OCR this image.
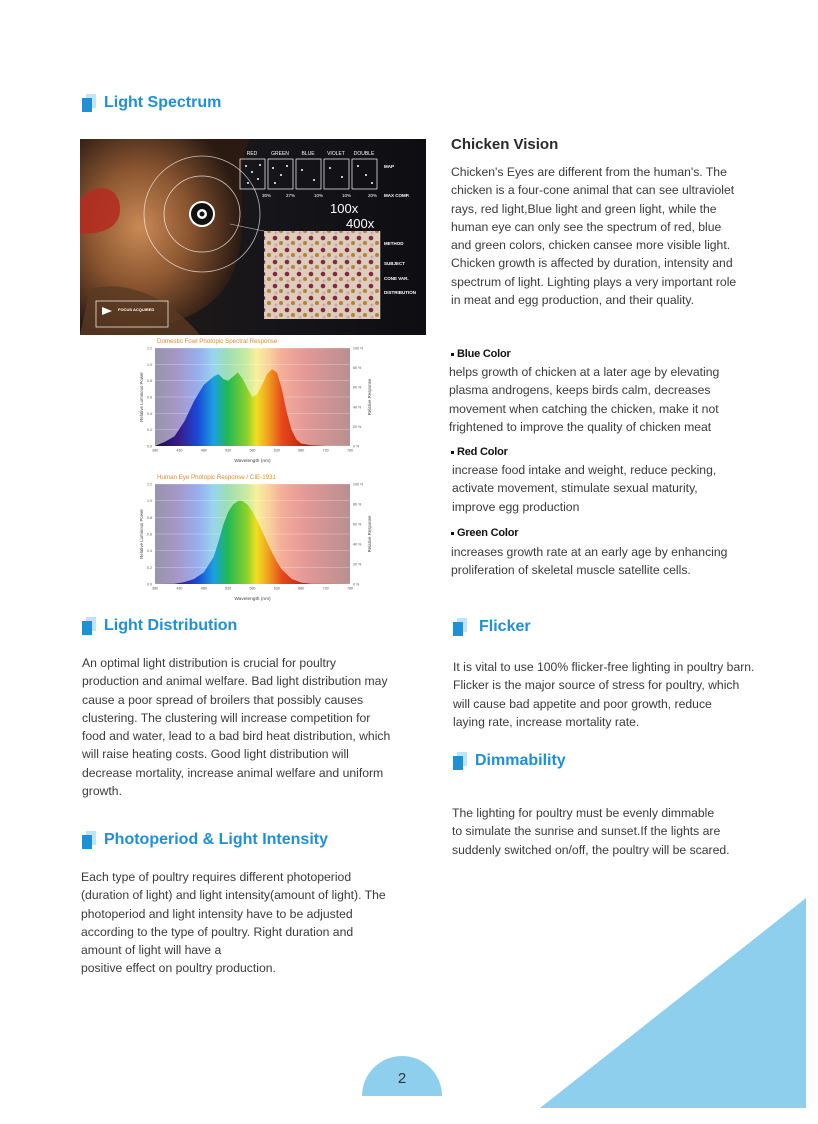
Light Spectrum
RED	GREEN	BLUE	VIOLET DOUBLE
30%	27%	10%	10%	20%
100x
400x
MAP
MAX COMP.
METHOD
SUBJECT
CONE VAR.
DISTRIBUTION
FOCUS ACQUIRED
Domestic Fowl Photopic Spectral Response
0.0
0.2
0.4
0.6
0.8
1.0
1.2
0 %
20 %
40 %
60 %
80 %
100 %
380	430	480	530	580	630	680	730	780
Wavelength (nm)
Relative Luminous Power	Relative Response
Human Eye Photopic Response / CIE-1931
0.0
0.2
0.4
0.6
0.8
1.0
1.2
0 %
20 %
40 %
60 %
80 %
100 %
380	430	480	530	580	630	680	730	780
Wavelength (nm)
Relative Luminous Power	Relative Response
Chicken Vision
Chicken's Eyes are different from the human's. The
chicken is a four-cone animal that can see ultraviolet
rays, red light,Blue light and green light, while the
human eye can only see the spectrum of red, blue
and green colors, chicken cansee more visible light.
Chicken growth is affected by duration, intensity and
spectrum of light. Lighting plays a very important role
in meat and egg production, and their quality.
Blue Color
helps growth of chicken at a later age by elevating
plasma androgens, keeps birds calm, decreases
movement when catching the chicken, make it not
frightened to improve the quality of chicken meat
Red Color
increase food intake and weight, reduce pecking,
activate movement, stimulate sexual maturity,
improve egg production
Green Color
increases growth rate at an early age by enhancing
proliferation of skeletal muscle satellite cells.
Light Distribution
An optimal light distribution is crucial for poultry
production and animal welfare. Bad light distribution may
cause a poor spread of broilers that possibly causes
clustering. The clustering will increase competition for
food and water, lead to a bad bird heat distribution, which
will raise heating costs. Good light distribution will
decrease mortality, increase animal welfare and uniform
growth.
Flicker
It is vital to use 100% flicker-free lighting in poultry barn.
Flicker is the major source of stress for poultry, which
will cause bad appetite and poor growth, reduce
laying rate, increase mortality rate.
Dimmability
The lighting for poultry must be evenly dimmable
to simulate the sunrise and sunset.If the lights are
suddenly switched on/off, the poultry will be scared.
Photoperiod & Light Intensity
Each type of poultry requires different photoperiod
(duration of light) and light intensity(amount of light). The
photoperiod and light intensity have to be adjusted
according to the type of poultry. Right duration and
amount of light will have a
positive effect on poultry production.
2
